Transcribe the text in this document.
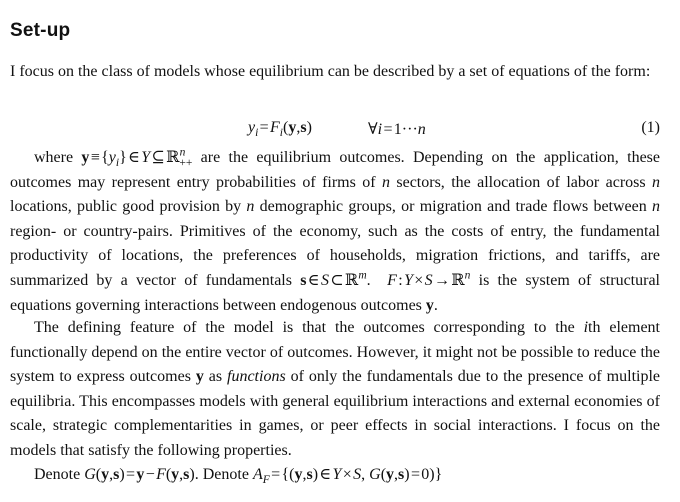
Set-up
I focus on the class of models whose equilibrium can be described by a set of equations of the form:
$y_i$ = $F_i(y,s)$	∀i = 1···n	(1)
where y ≡ $\{y_i\}$ ∈ Y ⊆ ℝ$^n_{++}$ are the equilibrium outcomes. Depending on the application, these outcomes may represent entry probabilities of firms of n sectors, the allocation of labor across n locations, public good provision by n demographic groups, or migration and trade flows between n region- or country-pairs. Primitives of the economy, such as the costs of entry, the fundamental productivity of locations, the preferences of households, migration frictions, and tariffs, are summarized by a vector of fundamentals s ∈ S ⊂ ℝ$^m$.  F : Y × S → ℝ$^n$ is the system of structural equations governing interactions between endogenous outcomes y.
The defining feature of the model is that the outcomes corresponding to the ith element functionally depend on the entire vector of outcomes. However, it might not be possible to reduce the system to express outcomes y as functions of only the fundamentals due to the presence of multiple equilibria. This encompasses models with general equilibrium interactions and external economies of scale, strategic complementarities in games, or peer effects in social interactions. I focus on the models that satisfy the following properties.
Denote G(y,s) = y − F(y,s). Denote $A_F$ = {(y,s) ∈ Y × S, G(y,s) = 0)}
